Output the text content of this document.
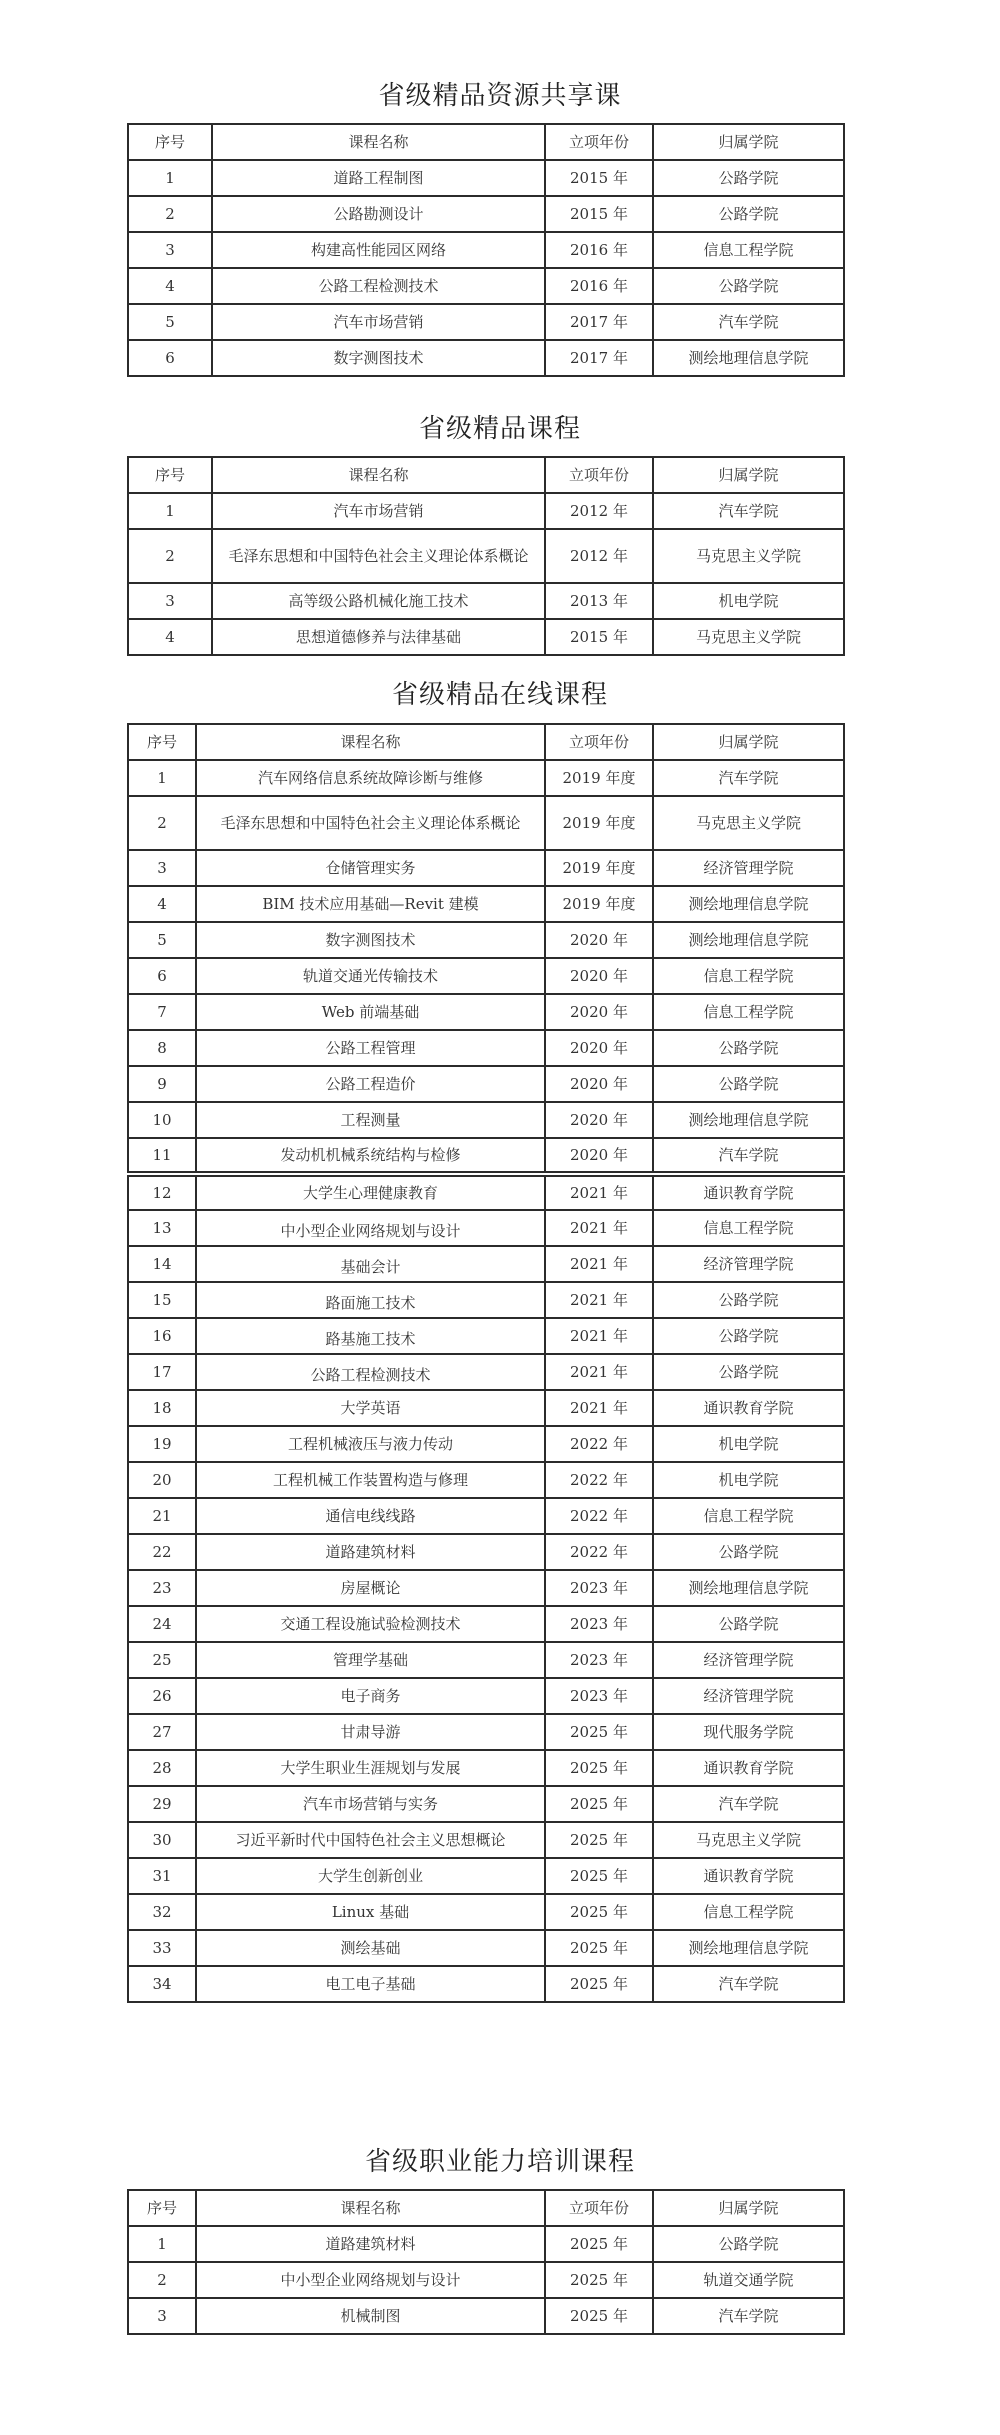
省级精品资源共享课
序号	课程名称	立项年份	归属学院
1	道路工程制图	2015 年	公路学院
2	公路勘测设计	2015 年	公路学院
3	构建高性能园区网络	2016 年	信息工程学院
4	公路工程检测技术	2016 年	公路学院
5	汽车市场营销	2017 年	汽车学院
6	数字测图技术	2017 年	测绘地理信息学院
省级精品课程
序号	课程名称	立项年份	归属学院
1	汽车市场营销	2012 年	汽车学院
2	毛泽东思想和中国特色社会主义理论体系概论	2012 年	马克思主义学院
3	高等级公路机械化施工技术	2013 年	机电学院
4	思想道德修养与法律基础	2015 年	马克思主义学院
省级精品在线课程
序号	课程名称	立项年份	归属学院
1	汽车网络信息系统故障诊断与维修	2019 年度	汽车学院
2	毛泽东思想和中国特色社会主义理论体系概论	2019 年度	马克思主义学院
3	仓储管理实务	2019 年度	经济管理学院
4	BIM 技术应用基础—Revit 建模	2019 年度	测绘地理信息学院
5	数字测图技术	2020 年	测绘地理信息学院
6	轨道交通光传输技术	2020 年	信息工程学院
7	Web 前端基础	2020 年	信息工程学院
8	公路工程管理	2020 年	公路学院
9	公路工程造价	2020 年	公路学院
10	工程测量	2020 年	测绘地理信息学院
11	发动机机械系统结构与检修	2020 年	汽车学院
12	大学生心理健康教育	2021 年	通识教育学院
13	中小型企业网络规划与设计	2021 年	信息工程学院
14	基础会计	2021 年	经济管理学院
15	路面施工技术	2021 年	公路学院
16	路基施工技术	2021 年	公路学院
17	公路工程检测技术	2021 年	公路学院
18	大学英语	2021 年	通识教育学院
19	工程机械液压与液力传动	2022 年	机电学院
20	工程机械工作装置构造与修理	2022 年	机电学院
21	通信电线线路	2022 年	信息工程学院
22	道路建筑材料	2022 年	公路学院
23	房屋概论	2023 年	测绘地理信息学院
24	交通工程设施试验检测技术	2023 年	公路学院
25	管理学基础	2023 年	经济管理学院
26	电子商务	2023 年	经济管理学院
27	甘肃导游	2025 年	现代服务学院
28	大学生职业生涯规划与发展	2025 年	通识教育学院
29	汽车市场营销与实务	2025 年	汽车学院
30	习近平新时代中国特色社会主义思想概论	2025 年	马克思主义学院
31	大学生创新创业	2025 年	通识教育学院
32	Linux 基础	2025 年	信息工程学院
33	测绘基础	2025 年	测绘地理信息学院
34	电工电子基础	2025 年	汽车学院
省级职业能力培训课程
序号	课程名称	立项年份	归属学院
1	道路建筑材料	2025 年	公路学院
2	中小型企业网络规划与设计	2025 年	轨道交通学院
3	机械制图	2025 年	汽车学院
